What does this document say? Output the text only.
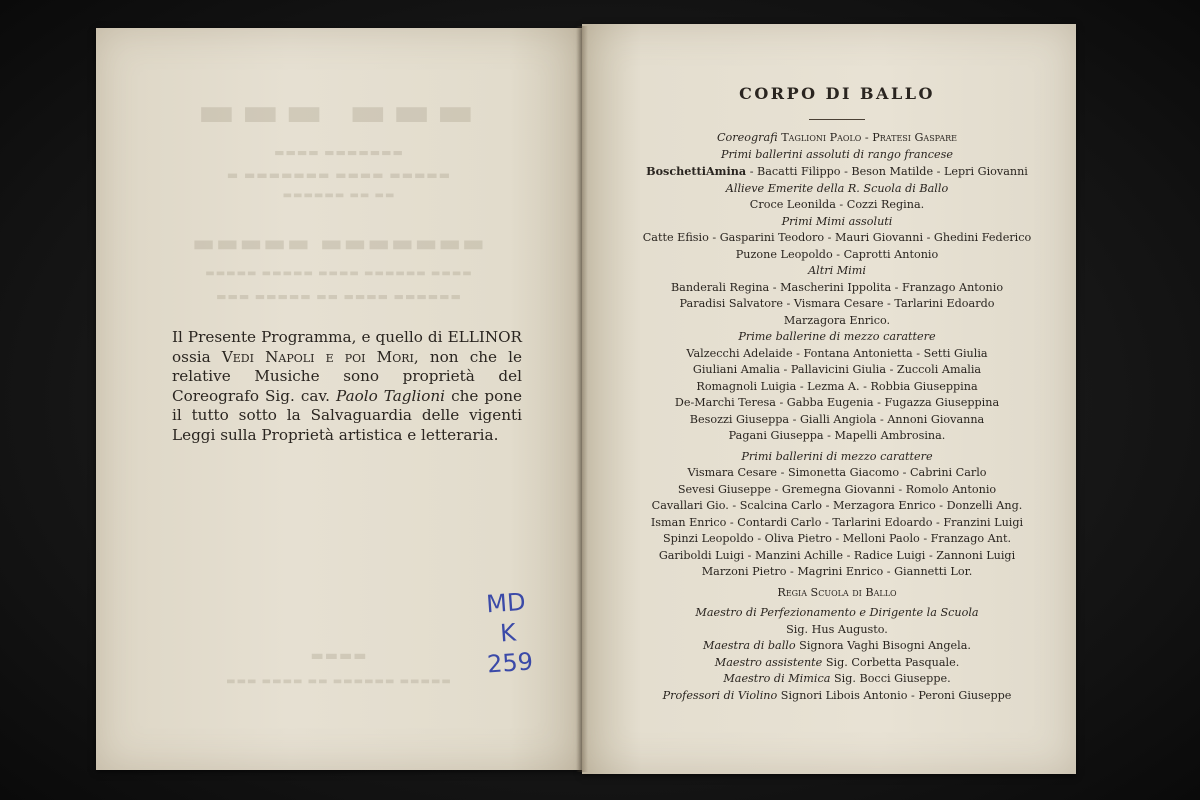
▬▬▬ ▬▬▬
▬▬▬▬ ▬▬▬▬▬▬▬
▬ ▬▬▬▬▬▬▬ ▬▬▬▬ ▬▬▬▬▬
▬▬▬▬▬▬ ▬▬ ▬▬
▬▬▬▬▬ ▬▬▬▬▬▬▬
▬▬▬▬▬ ▬▬▬▬▬ ▬▬▬▬ ▬▬▬▬▬▬ ▬▬▬▬
▬▬▬ ▬▬▬▬▬ ▬▬ ▬▬▬▬ ▬▬▬▬▬▬
▬▬▬▬
▬▬▬ ▬▬▬▬ ▬▬ ▬▬▬▬▬▬ ▬▬▬▬▬
Il Presente Programma, e quello di ELLINOR ossia Vedi Napoli e poi Mori, non che le relative Musiche sono proprietà del Coreografo Sig. cav. Paolo Taglioni che pone il tutto sotto la Salvaguardia delle vigenti Leggi sulla Proprietà artistica e letteraria.
MD
K
259
CORPO DI BALLO
Coreografi Taglioni Paolo - Pratesi Gaspare
Primi ballerini assoluti di rango francese
BoschettiAmina - Bacatti Filippo - Beson Matilde - Lepri Giovanni
Allieve Emerite della R. Scuola di Ballo
Croce Leonilda - Cozzi Regina.
Primi Mimi assoluti
Catte Efisio - Gasparini Teodoro - Mauri Giovanni - Ghedini Federico
Puzone Leopoldo - Caprotti Antonio
Altri Mimi
Banderali Regina - Mascherini Ippolita - Franzago Antonio
Paradisi Salvatore - Vismara Cesare - Tarlarini Edoardo
Marzagora Enrico.
Prime ballerine di mezzo carattere
Valzecchi Adelaide - Fontana Antonietta - Setti Giulia
Giuliani Amalia - Pallavicini Giulia - Zuccoli Amalia
Romagnoli Luigia - Lezma A. - Robbia Giuseppina
De-Marchi Teresa - Gabba Eugenia - Fugazza Giuseppina
Besozzi Giuseppa - Gialli Angiola - Annoni Giovanna
Pagani Giuseppa - Mapelli Ambrosina.
Primi ballerini di mezzo carattere
Vismara Cesare - Simonetta Giacomo - Cabrini Carlo
Sevesi Giuseppe - Gremegna Giovanni - Romolo Antonio
Cavallari Gio. - Scalcina Carlo - Merzagora Enrico - Donzelli Ang.
Isman Enrico - Contardi Carlo - Tarlarini Edoardo - Franzini Luigi
Spinzi Leopoldo - Oliva Pietro - Melloni Paolo - Franzago Ant.
Gariboldi Luigi - Manzini Achille - Radice Luigi - Zannoni Luigi
Marzoni Pietro - Magrini Enrico - Giannetti Lor.
Regia Scuola di Ballo
Maestro di Perfezionamento e Dirigente la Scuola
Sig. Hus Augusto.
Maestra di ballo Signora Vaghi Bisogni Angela.
Maestro assistente Sig. Corbetta Pasquale.
Maestro di Mimica Sig. Bocci Giuseppe.
Professori di Violino Signori Libois Antonio - Peroni Giuseppe
